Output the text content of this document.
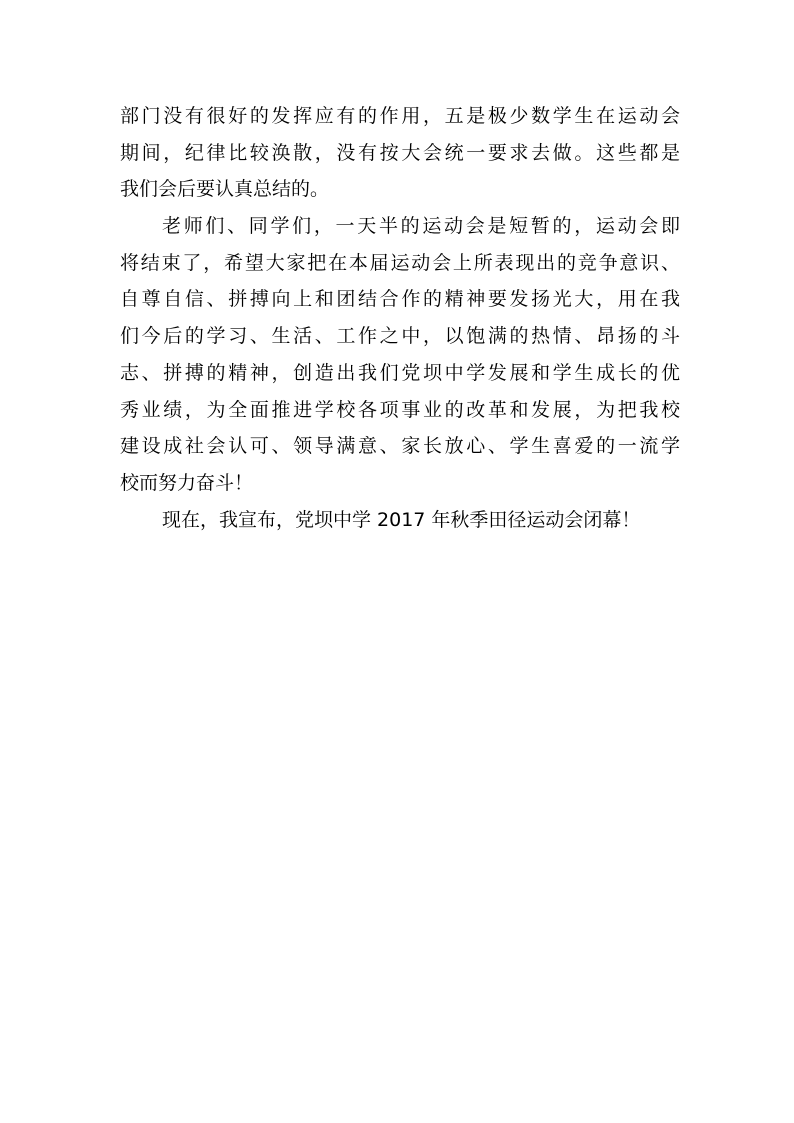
部门没有很好的发挥应有的作用，五是极少数学生在运动会
期间，纪律比较涣散，没有按大会统一要求去做。这些都是
我们会后要认真总结的。
老师们、同学们，一天半的运动会是短暂的，运动会即
将结束了，希望大家把在本届运动会上所表现出的竞争意识、
自尊自信、拼搏向上和团结合作的精神要发扬光大，用在我
们今后的学习、生活、工作之中，以饱满的热情、昂扬的斗
志、拼搏的精神，创造出我们党坝中学发展和学生成长的优
秀业绩，为全面推进学校各项事业的改革和发展，为把我校
建设成社会认可、领导满意、家长放心、学生喜爱的一流学
校而努力奋斗！
现在，我宣布，党坝中学 2017 年秋季田径运动会闭幕！
